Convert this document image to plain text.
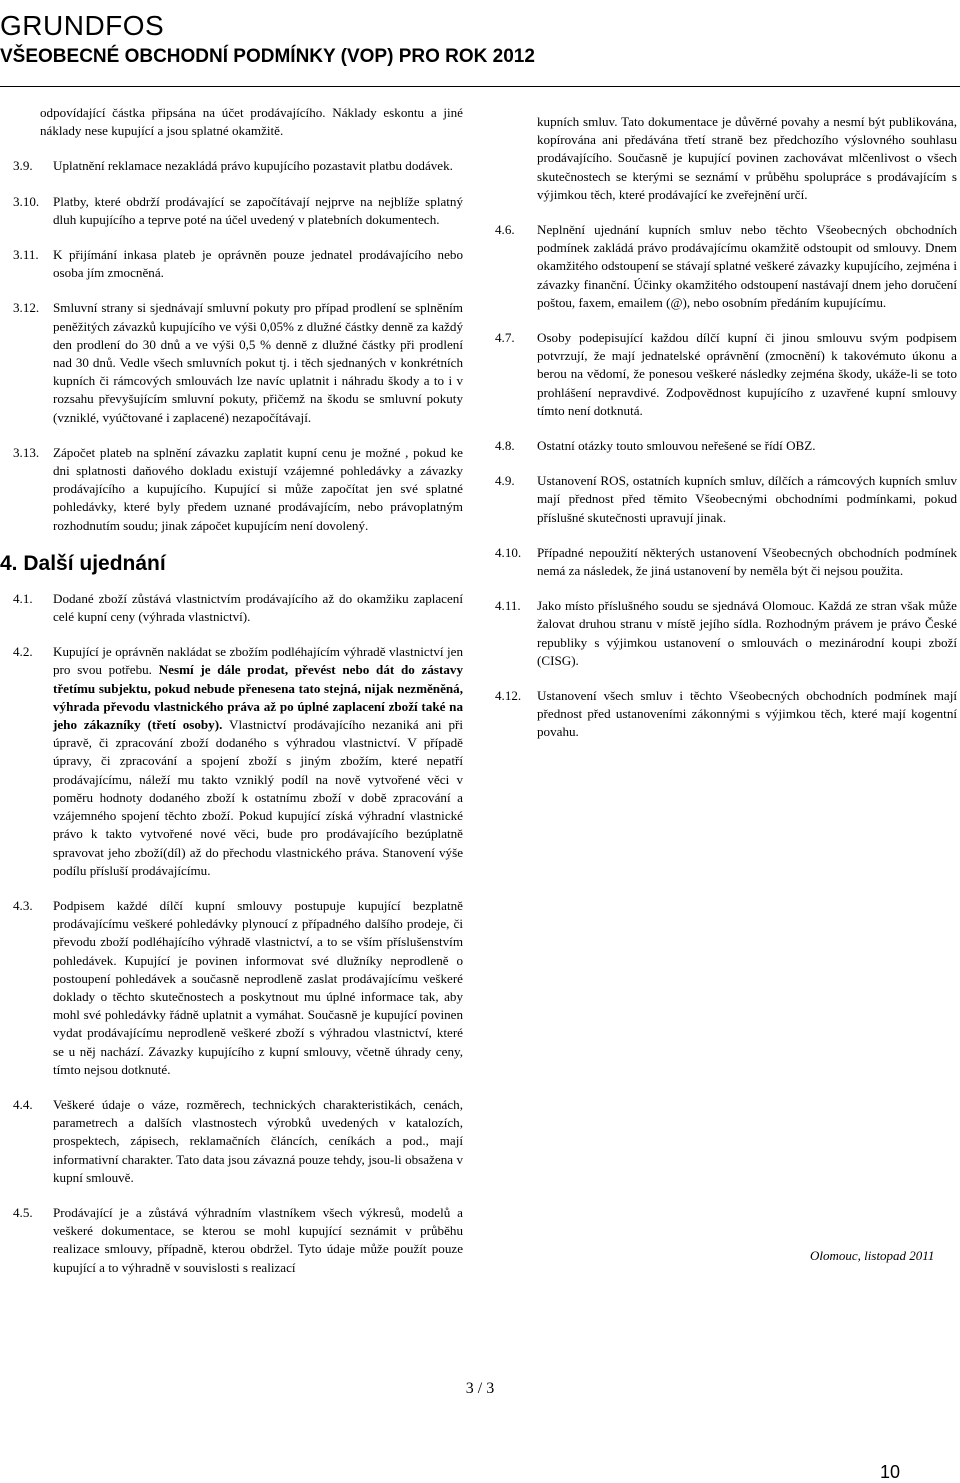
GRUNDFOS
VŠEOBECNÉ OBCHODNÍ PODMÍNKY (VOP) PRO ROK 2012
odpovídající částka připsána na účet prodávajícího. Náklady eskontu a jiné náklady nese kupující a jsou splatné okamžitě.
3.9.	Uplatnění reklamace nezakládá právo kupujícího pozastavit platbu dodávek.
3.10.	Platby, které obdrží prodávající se započítávají nejprve na nejblíže splatný dluh kupujícího a teprve poté na účel uvedený v platebních dokumentech.
3.11.	K přijímání inkasa plateb je oprávněn pouze jednatel prodávajícího nebo osoba jím zmocněná.
3.12.	Smluvní strany si sjednávají smluvní pokuty pro případ prodlení se splněním peněžitých závazků kupujícího ve výši 0,05% z dlužné částky denně za každý den prodlení do 30 dnů a ve výši 0,5 % denně z dlužné částky při prodlení nad 30 dnů. Vedle všech smluvních pokut tj. i těch sjednaných v konkrétních kupních či rámcových smlouvách lze navíc uplatnit i náhradu škody a to i v rozsahu převyšujícím smluvní pokuty, přičemž na škodu se smluvní pokuty (vzniklé, vyúčtované i zaplacené) nezapočítávají.
3.13.	Zápočet plateb na splnění závazku zaplatit kupní cenu je možné , pokud ke dni splatnosti daňového dokladu existují vzájemné pohledávky a závazky prodávajícího a kupujícího. Kupující si může započítat jen své splatné pohledávky, které byly předem uznané prodávajícím, nebo právoplatným rozhodnutím soudu; jinak zápočet kupujícím není dovolený.
4. Další ujednání
4.1.	Dodané zboží zůstává vlastnictvím prodávajícího až do okamžiku zaplacení celé kupní ceny (výhrada vlastnictví).
4.2.	Kupující je oprávněn nakládat se zbožím podléhajícím výhradě vlastnictví jen pro svou potřebu. Nesmí je dále prodat, převést nebo dát do zástavy třetímu subjektu, pokud nebude přenesena tato stejná, nijak nezměněná, výhrada převodu vlastnického práva až po úplné zaplacení zboží také na jeho zákazníky (třetí osoby). Vlastnictví prodávajícího nezaniká ani při úpravě, či zpracování zboží dodaného s výhradou vlastnictví. V případě úpravy, či zpracování a spojení zboží s jiným zbožím, které nepatří prodávajícímu, náleží mu takto vzniklý podíl na nově vytvořené věci v poměru hodnoty dodaného zboží k ostatnímu zboží v době zpracování a vzájemného spojení těchto zboží. Pokud kupující získá výhradní vlastnické právo k takto vytvořené nové věci, bude pro prodávajícího bezúplatně spravovat jeho zboží(díl) až do přechodu vlastnického práva. Stanovení výše podílu přísluší prodávajícímu.
4.3.	Podpisem každé dílčí kupní smlouvy postupuje kupující bezplatně prodávajícímu veškeré pohledávky plynoucí z případného dalšího prodeje, či převodu zboží podléhajícího výhradě vlastnictví, a to se vším příslušenstvím pohledávek. Kupující je povinen informovat své dlužníky neprodleně o postoupení pohledávek a současně neprodleně zaslat prodávajícímu veškeré doklady o těchto skutečnostech a poskytnout mu úplné informace tak, aby mohl své pohledávky řádně uplatnit a vymáhat. Současně je kupující povinen vydat prodávajícímu neprodleně veškeré zboží s výhradou vlastnictví, které se u něj nachází. Závazky kupujícího z kupní smlouvy, včetně úhrady ceny, tímto nejsou dotknuté.
4.4.	Veškeré údaje o váze, rozměrech, technických charakteristikách, cenách, parametrech a dalších vlastnostech výrobků uvedených v katalozích, prospektech, zápisech, reklamačních článcích, ceníkách a pod., mají informativní charakter. Tato data jsou závazná pouze tehdy, jsou-li obsažena v kupní smlouvě.
4.5.	Prodávající je a zůstává výhradním vlastníkem všech výkresů, modelů a veškeré dokumentace, se kterou se mohl kupující seznámit v průběhu realizace smlouvy, případně, kterou obdržel. Tyto údaje může použít pouze kupující a to výhradně v souvislosti s realizací
kupních smluv. Tato dokumentace je důvěrné povahy a nesmí být publikována, kopírována ani předávána třetí straně bez předchozího výslovného souhlasu prodávajícího. Současně je kupující povinen zachovávat mlčenlivost o všech skutečnostech se kterými se seznámí v průběhu spolupráce s prodávajícím s výjimkou těch, které prodávající ke zveřejnění určí.
4.6.	Neplnění ujednání kupních smluv nebo těchto Všeobecných obchodních podmínek zakládá právo prodávajícímu okamžitě odstoupit od smlouvy. Dnem okamžitého odstoupení se stávají splatné veškeré závazky kupujícího, zejména i závazky finanční. Účinky okamžitého odstoupení nastávají dnem jeho doručení poštou, faxem, emailem (@), nebo osobním předáním kupujícímu.
4.7.	Osoby podepisující každou dílčí kupní či jinou smlouvu svým podpisem potvrzují, že mají jednatelské oprávnění (zmocnění) k takovémuto úkonu a berou na vědomí, že ponesou veškeré následky zejména škody, ukáže-li se toto prohlášení nepravdivé. Zodpovědnost kupujícího z uzavřené kupní smlouvy tímto není dotknutá.
4.8.	Ostatní otázky touto smlouvou neřešené se řídí OBZ.
4.9.	Ustanovení ROS, ostatních kupních smluv, dílčích a rámcových kupních smluv mají přednost před těmito Všeobecnými obchodními podmínkami, pokud příslušné skutečnosti upravují jinak.
4.10.	Případné nepoužití některých ustanovení Všeobecných obchodních podmínek nemá za následek, že jiná ustanovení by neměla být či nejsou použita.
4.11.	Jako místo příslušného soudu se sjednává Olomouc. Každá ze stran však může žalovat druhou stranu v místě jejího sídla. Rozhodným právem je právo České republiky s výjimkou ustanovení o smlouvách o mezinárodní koupi zboží (CISG).
4.12.	Ustanovení všech smluv i těchto Všeobecných obchodních podmínek mají přednost před ustanoveními zákonnými s výjimkou těch, které mají kogentní povahu.
Olomouc, listopad 2011
3 / 3
10
